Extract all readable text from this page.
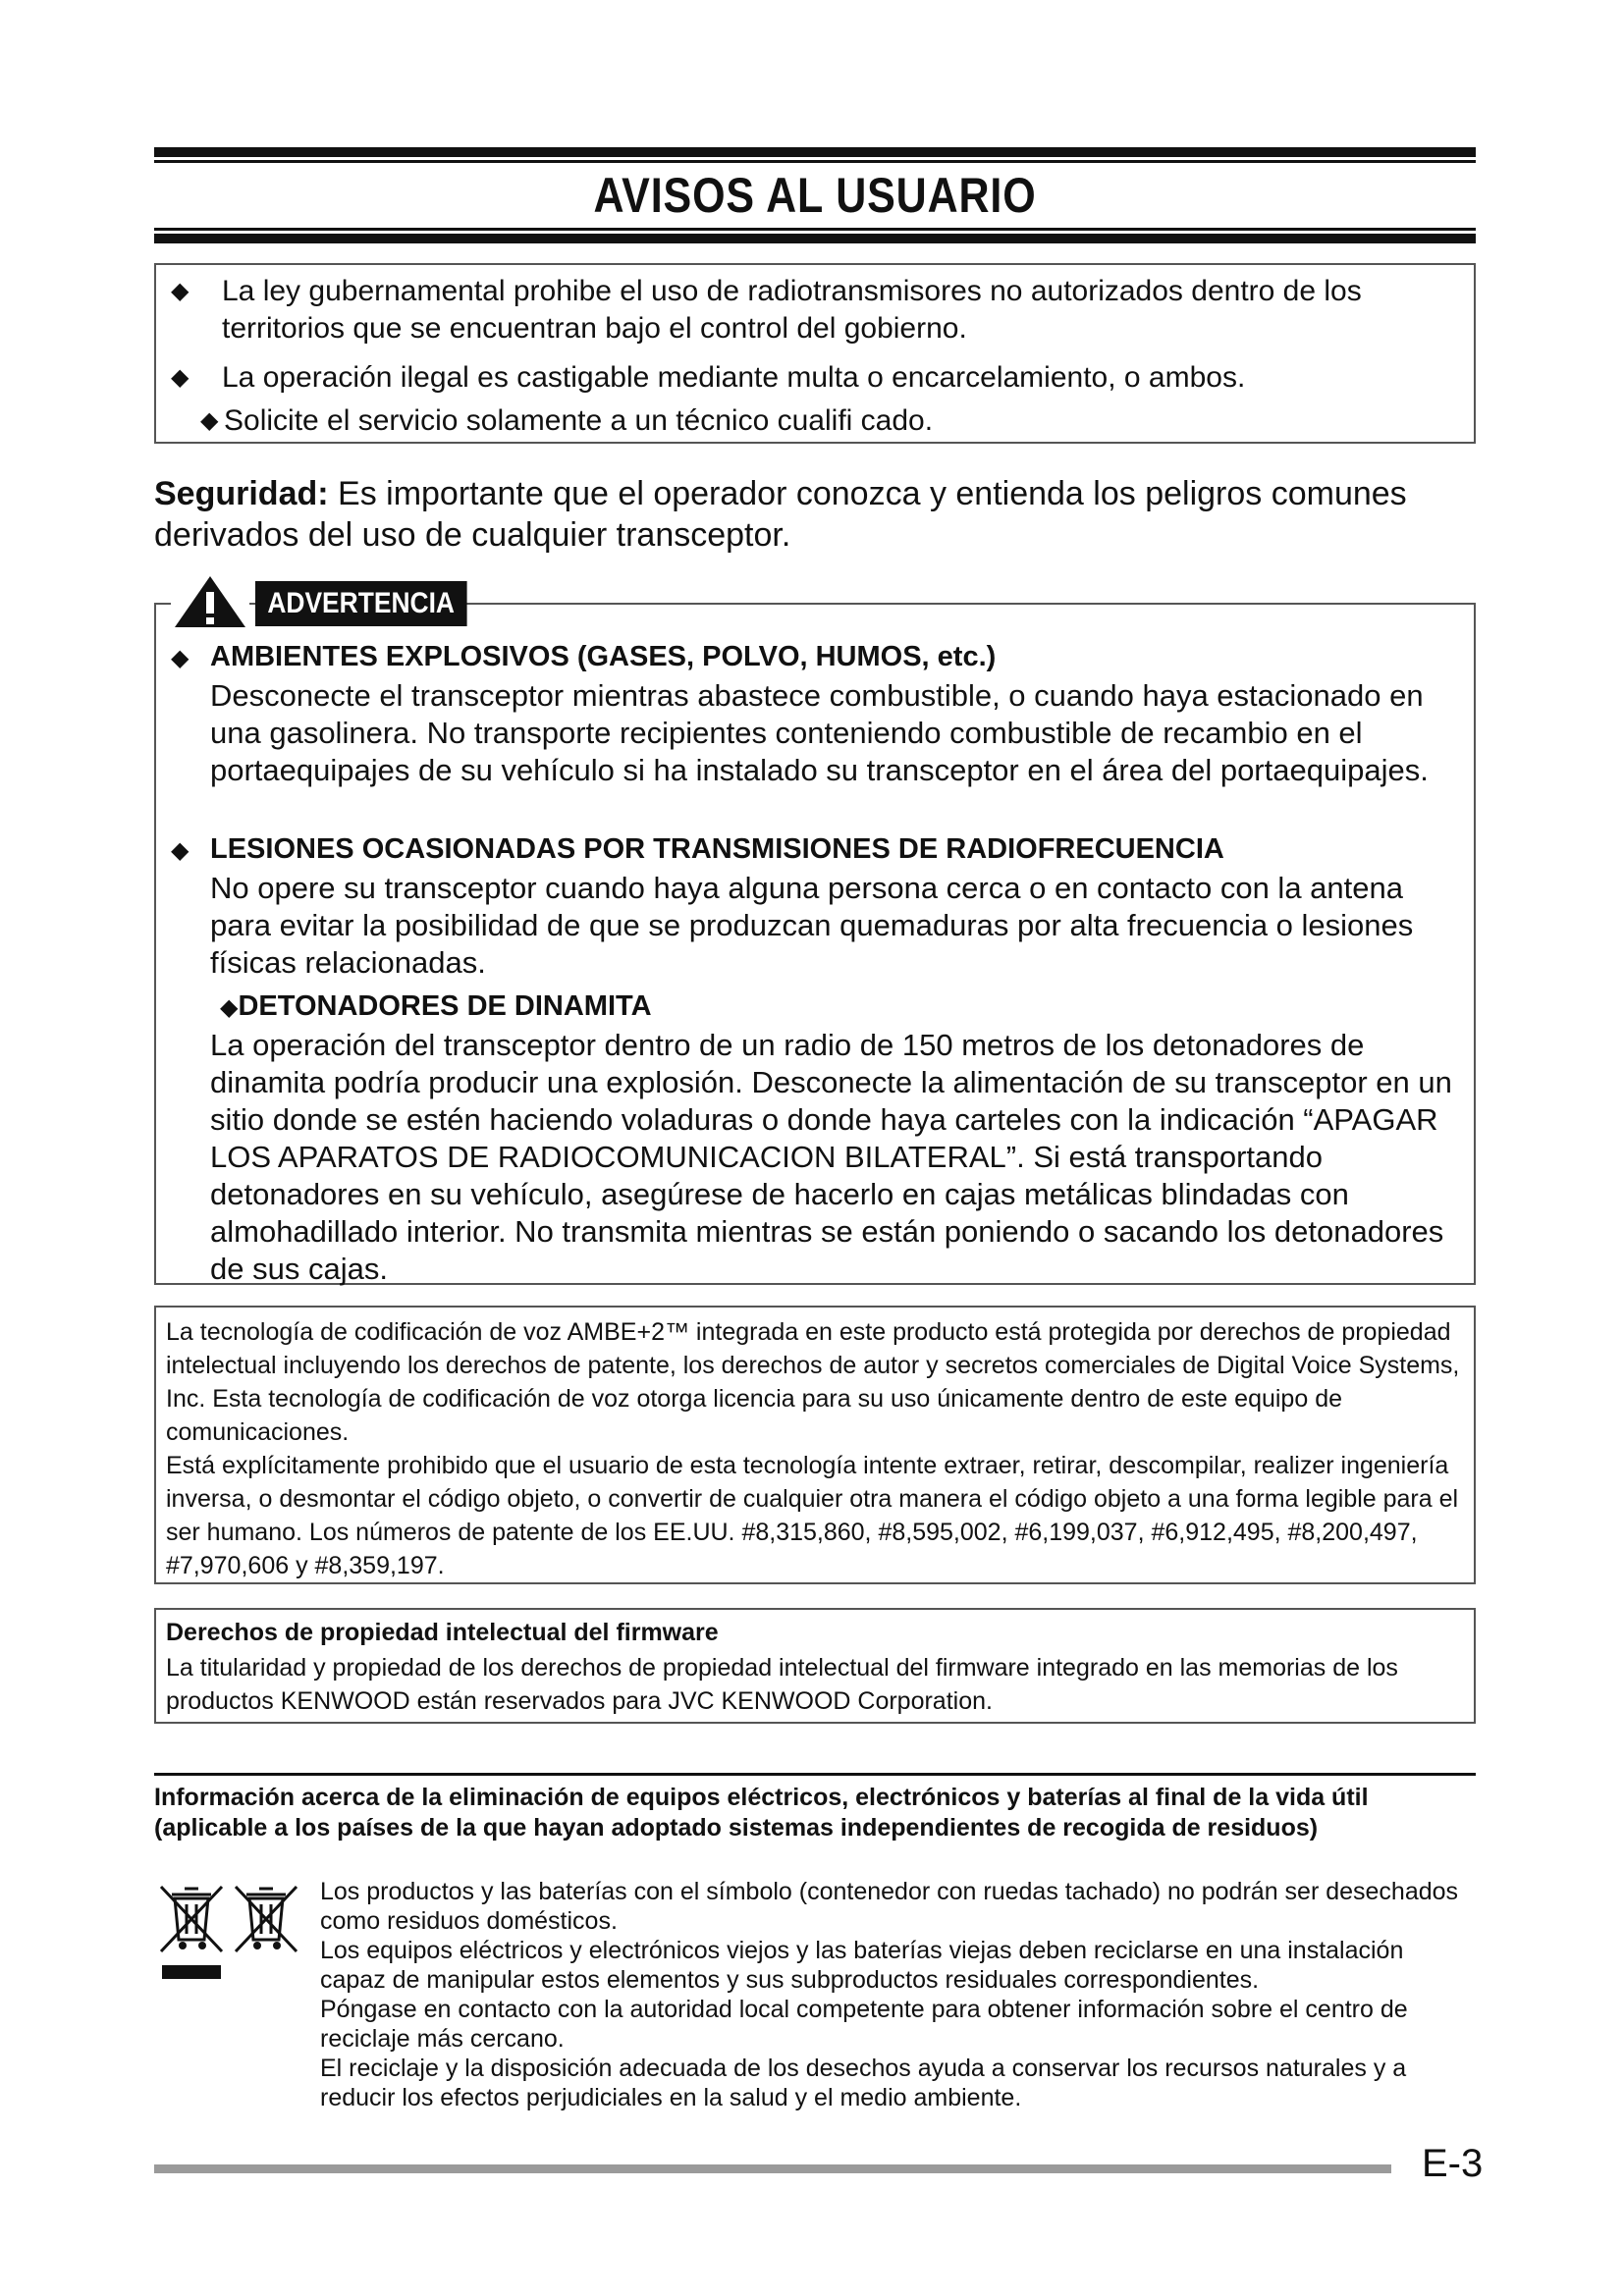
AVISOS AL USUARIO
◆ La ley gubernamental prohibe el uso de radiotransmisores no autorizados dentro de los territorios que se encuentran bajo el control del gobierno.
◆ La operación ilegal es castigable mediante multa o encarcelamiento, o ambos.
◆ Solicite el servicio solamente a un técnico cualifi cado.
Seguridad: Es importante que el operador conozca y entienda los peligros comunes derivados del uso de cualquier transceptor.
ADVERTENCIA
◆ AMBIENTES EXPLOSIVOS (GASES, POLVO, HUMOS, etc.)
Desconecte el transceptor mientras abastece combustible, o cuando haya estacionado en una gasolinera. No transporte recipientes conteniendo combustible de recambio en el portaequipajes de su vehículo si ha instalado su transceptor en el área del portaequipajes.
◆ LESIONES OCASIONADAS POR TRANSMISIONES DE RADIOFRECUENCIA
No opere su transceptor cuando haya alguna persona cerca o en contacto con la antena para evitar la posibilidad de que se produzcan quemaduras por alta frecuencia o lesiones físicas relacionadas.
◆DETONADORES DE DINAMITA
La operación del transceptor dentro de un radio de 150 metros de los detonadores de dinamita podría producir una explosión. Desconecte la alimentación de su transceptor en un sitio donde se estén haciendo voladuras o donde haya carteles con la indicación “APAGAR LOS APARATOS DE RADIOCOMUNICACION BILATERAL”. Si está transportando detonadores en su vehículo, asegúrese de hacerlo en cajas metálicas blindadas con almohadillado interior. No transmita mientras se están poniendo o sacando los detonadores de sus cajas.
La tecnología de codificación de voz AMBE+2™ integrada en este producto está protegida por derechos de propiedad intelectual incluyendo los derechos de patente, los derechos de autor y secretos comerciales de Digital Voice Systems, Inc. Esta tecnología de codificación de voz otorga licencia para su uso únicamente dentro de este equipo de comunicaciones.
Está explícitamente prohibido que el usuario de esta tecnología intente extraer, retirar, descompilar, realizer ingeniería inversa, o desmontar el código objeto, o convertir de cualquier otra manera el código objeto a una forma legible para el ser humano. Los números de patente de los EE.UU. #8,315,860, #8,595,002, #6,199,037, #6,912,495, #8,200,497, #7,970,606 y #8,359,197.
Derechos de propiedad intelectual del firmware
La titularidad y propiedad de los derechos de propiedad intelectual del firmware integrado en las memorias de los productos KENWOOD están reservados para JVC KENWOOD Corporation.
Información acerca de la eliminación de equipos eléctricos, electrónicos y baterías al final de la vida útil (aplicable a los países de la que hayan adoptado sistemas independientes de recogida de residuos)
Los productos y las baterías con el símbolo (contenedor con ruedas tachado) no podrán ser desechados como residuos domésticos.
Los equipos eléctricos y electrónicos viejos y las baterías viejas deben reciclarse en una instalación capaz de manipular estos elementos y sus subproductos residuales correspondientes.
Póngase en contacto con la autoridad local competente para obtener información sobre el centro de reciclaje más cercano.
El reciclaje y la disposición adecuada de los desechos ayuda a conservar los recursos naturales y a reducir los efectos perjudiciales en la salud y el medio ambiente.
E-3
